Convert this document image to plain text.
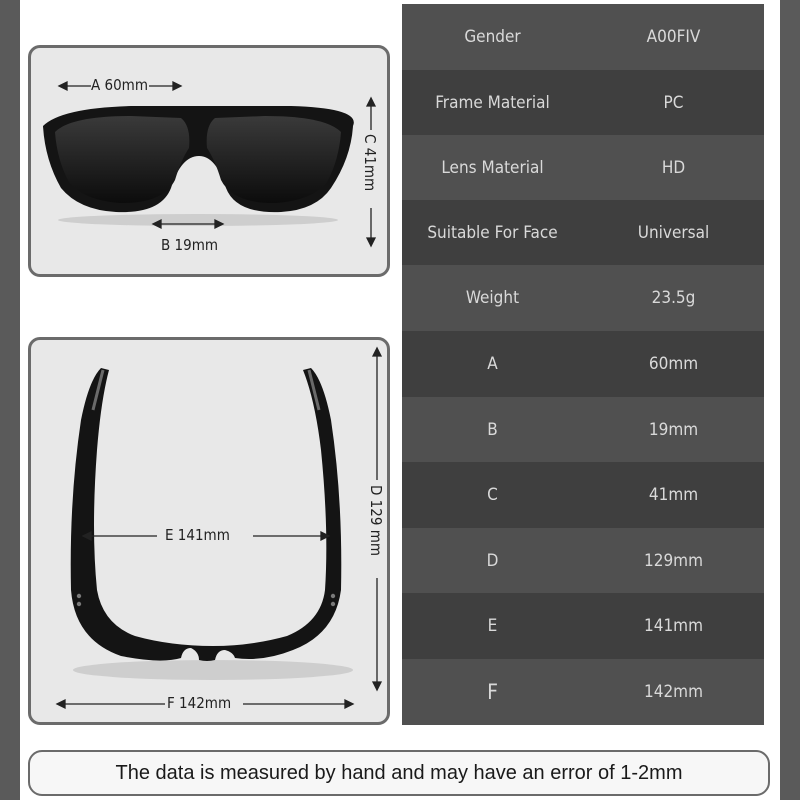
A 60mm
B 19mm
C 41mm
E 141mm
F 142mm
D 129 mm
Gender	A00FIV
Frame Material	PC
Lens Material	HD
Suitable For Face	Universal
Weight	23.5g
A	60mm
B	19mm
C	41mm
D	129mm
E	141mm
F	142mm
The data is measured by hand and may have an error of 1-2mm
